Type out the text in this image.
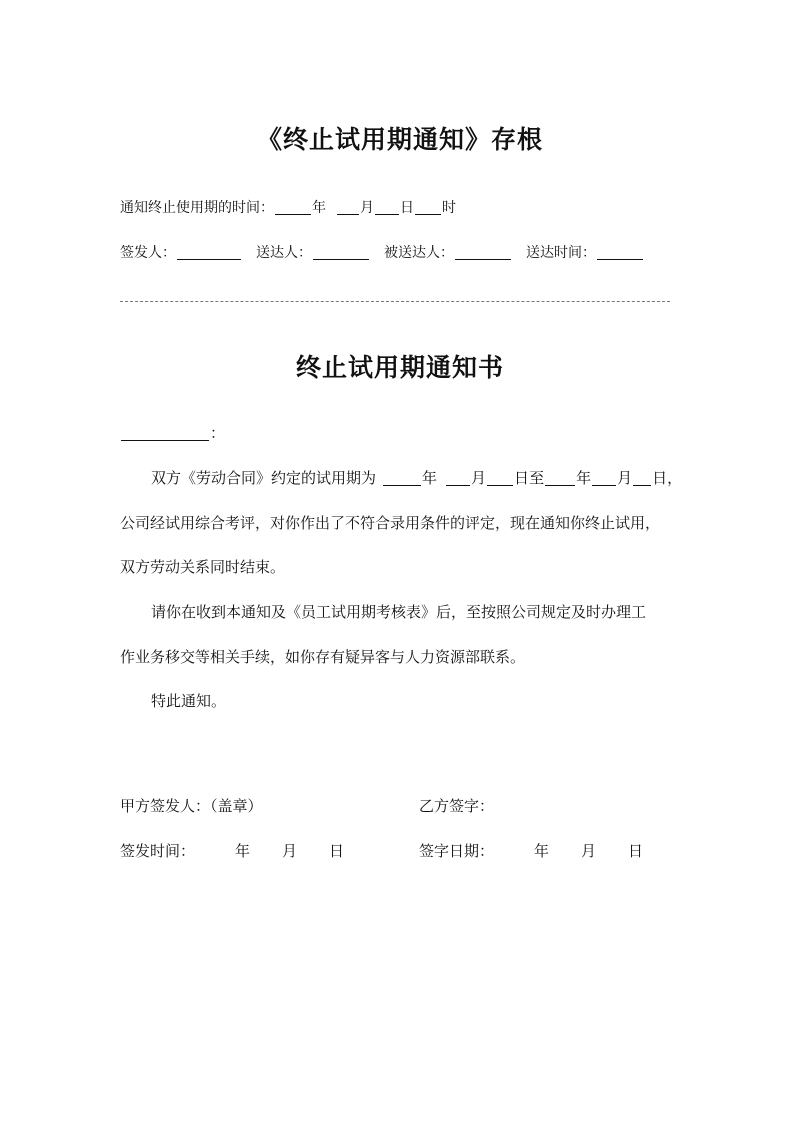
《终止试用期通知》存根
通知终止使用期的时间：	年 月 日 时
签发人：	送达人：	被送达人：	送达时间：
终止试用期通知书
：
双方《劳动合同》约定的试用期为	年 月 日至 年 月 日，
公司经试用综合考评，对你作出了不符合录用条件的评定，现在通知你终止试用，
双方劳动关系同时结束。
请你在收到本通知及《员工试用期考核表》后，至按照公司规定及时办理工
作业务移交等相关手续，如你存有疑异客与人力资源部联系。
特此通知。
甲方签发人：（盖章）	乙方签字：
签发时间：	年 月 日	签字日期：	年 月 日
